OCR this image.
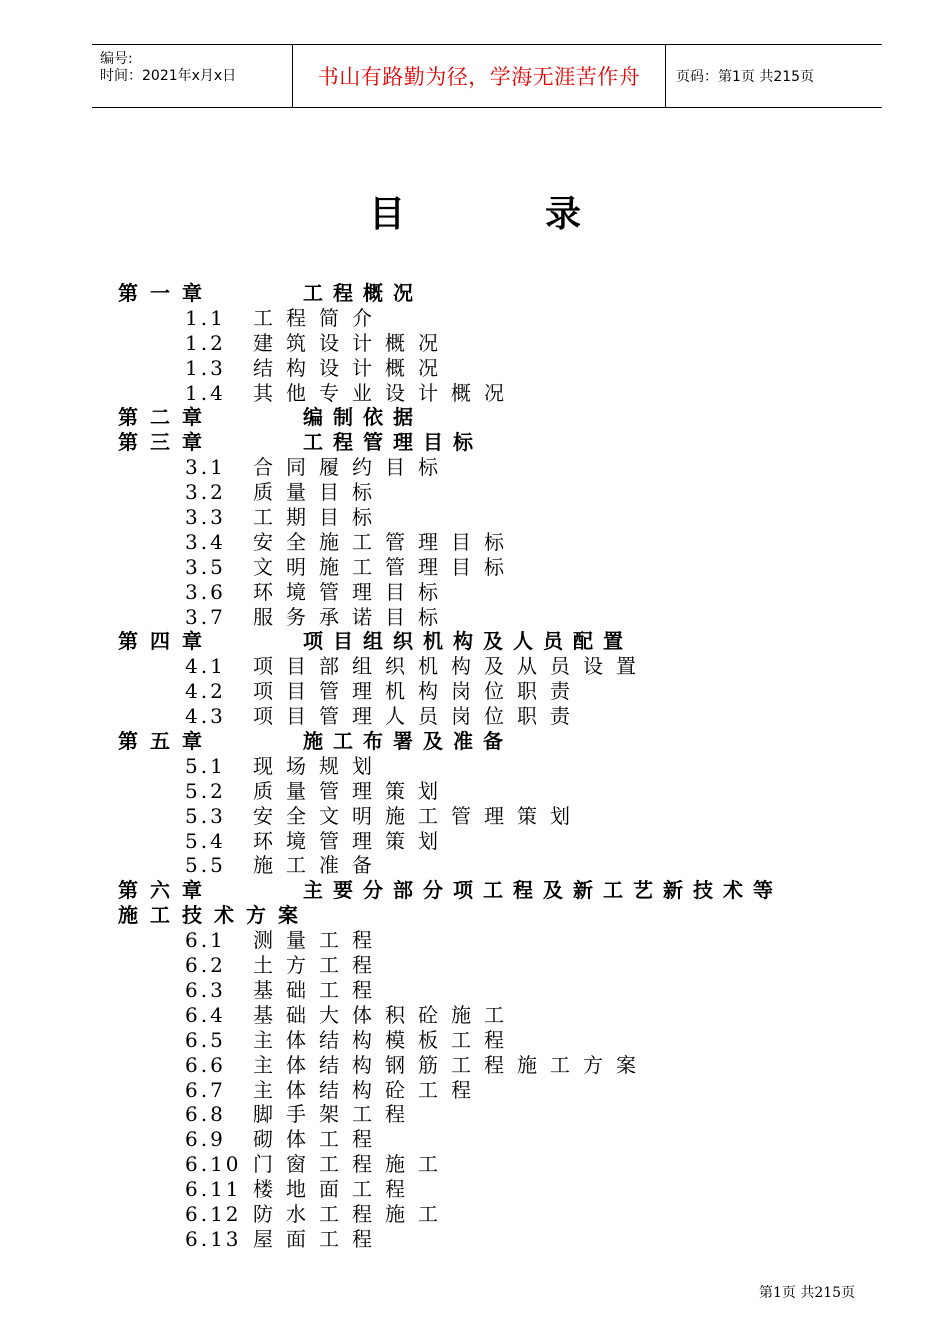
编号:
时间：2021年x月x日	书山有路勤为径，学海无涯苦作舟	页码：第1页 共215页
目录
第一章	工程概况
1.1 工程简介
1.2 建筑设计概况
1.3 结构设计概况
1.4 其他专业设计概况
第二章	编制依据
第三章	工程管理目标
3.1 合同履约目标
3.2 质量目标
3.3 工期目标
3.4 安全施工管理目标
3.5 文明施工管理目标
3.6 环境管理目标
3.7 服务承诺目标
第四章	项目组织机构及人员配置
4.1 项目部组织机构及从员设置
4.2 项目管理机构岗位职责
4.3 项目管理人员岗位职责
第五章	施工布署及准备
5.1 现场规划
5.2 质量管理策划
5.3 安全文明施工管理策划
5.4 环境管理策划
5.5 施工准备
第六章	主要分部分项工程及新工艺新技术等
施工技术方案
6.1 测量工程
6.2 土方工程
6.3 基础工程
6.4 基础大体积砼施工
6.5 主体结构模板工程
6.6 主体结构钢筋工程施工方案
6.7 主体结构砼工程
6.8 脚手架工程
6.9 砌体工程
6.10 门窗工程施工
6.11 楼地面工程
6.12 防水工程施工
6.13 屋面工程
第1页 共215页
